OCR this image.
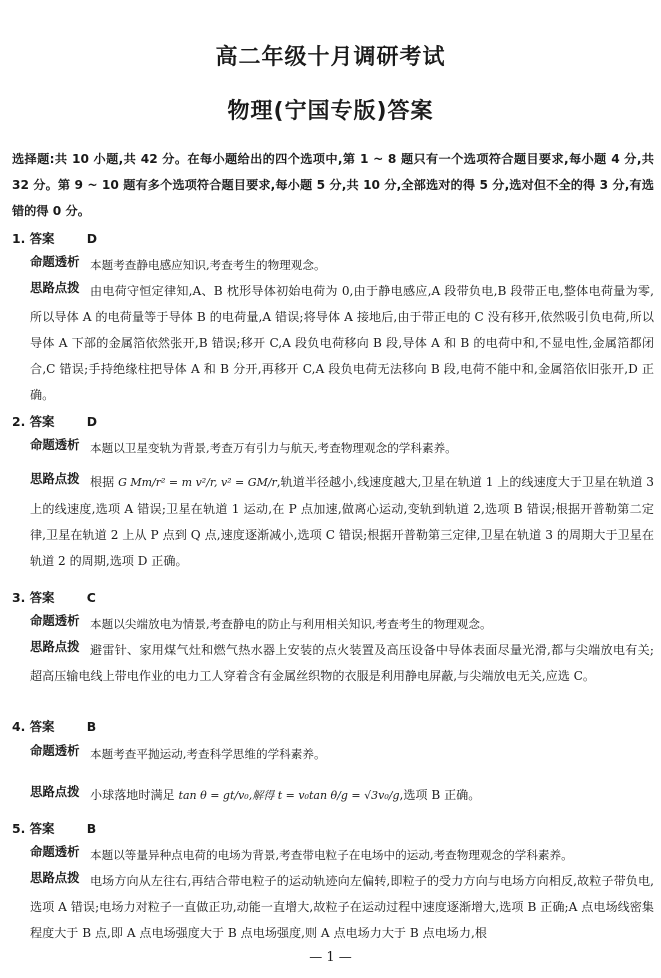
高二年级十月调研考试
物理(宁国专版)答案
选择题:共 10 小题,共 42 分。在每小题给出的四个选项中,第 1 ~ 8 题只有一个选项符合题目要求,每小题 4 分,共 32 分。第 9 ~ 10 题有多个选项符合题目要求,每小题 5 分,共 10 分,全部选对的得 5 分,选对但不全的得 3 分,有选错的得 0 分。
1. 答案	D
命题透析 本题考查静电感应知识,考查考生的物理观念。
思路点拨 由电荷守恒定律知,A、B 枕形导体初始电荷为 0,由于静电感应,A 段带负电,B 段带正电,整体电荷量为零,所以导体 A 的电荷量等于导体 B 的电荷量,A 错误;将导体 A 接地后,由于带正电的 C 没有移开,依然吸引负电荷,所以导体 A 下部的金属箔依然张开,B 错误;移开 C,A 段负电荷移向 B 段,导体 A 和 B 的电荷中和,不显电性,金属箔都闭合,C 错误;手持绝缘柱把导体 A 和 B 分开,再移开 C,A 段负电荷无法移向 B 段,电荷不能中和,金属箔依旧张开,D 正确。
2. 答案	D
命题透析 本题以卫星变轨为背景,考查万有引力与航天,考查物理观念的学科素养。
思路点拨 根据 G Mm/r² = m v²/r, v² = GM/r,轨道半径越小,线速度越大,卫星在轨道 1 上的线速度大于卫星在轨道 3 上的线速度,选项 A 错误;卫星在轨道 1 运动,在 P 点加速,做离心运动,变轨到轨道 2,选项 B 错误;根据开普勒第二定律,卫星在轨道 2 上从 P 点到 Q 点,速度逐渐减小,选项 C 错误;根据开普勒第三定律,卫星在轨道 3 的周期大于卫星在轨道 2 的周期,选项 D 正确。
3. 答案	C
命题透析 本题以尖端放电为情景,考查静电的防止与利用相关知识,考查考生的物理观念。
思路点拨 避雷针、家用煤气灶和燃气热水器上安装的点火装置及高压设备中导体表面尽量光滑,都与尖端放电有关;超高压输电线上带电作业的电力工人穿着含有金属丝织物的衣服是利用静电屏蔽,与尖端放电无关,应选 C。
4. 答案	B
命题透析 本题考查平抛运动,考查科学思维的学科素养。
思路点拨 小球落地时满足 tan θ = gt/v₀,解得 t = v₀tan θ/g = √3v₀/g,选项 B 正确。
5. 答案	B
命题透析 本题以等量异种点电荷的电场为背景,考查带电粒子在电场中的运动,考查物理观念的学科素养。
思路点拨 电场方向从左往右,再结合带电粒子的运动轨迹向左偏转,即粒子的受力方向与电场方向相反,故粒子带负电,选项 A 错误;电场力对粒子一直做正功,动能一直增大,故粒子在运动过程中速度逐渐增大,选项 B 正确;A 点电场线密集程度大于 B 点,即 A 点电场强度大于 B 点电场强度,则 A 点电场力大于 B 点电场力,根
— 1 —
